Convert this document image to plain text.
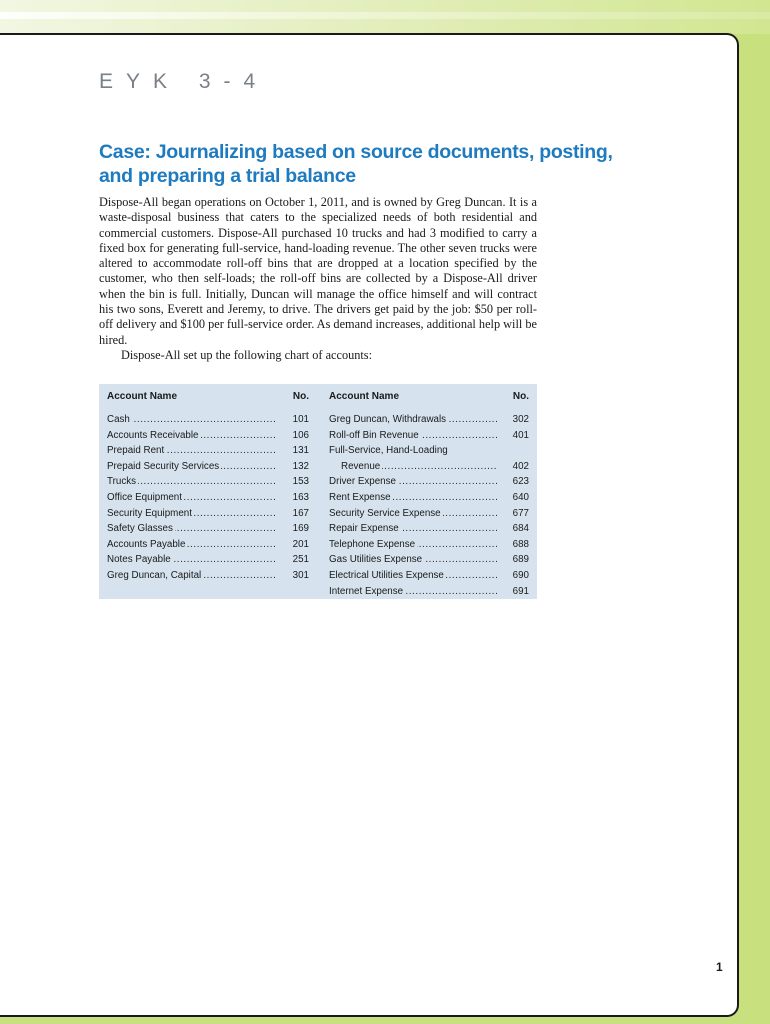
EYK 3-4
Case: Journalizing based on source documents, posting, and preparing a trial balance

Dispose-All began operations on October 1, 2011, and is owned by Greg Duncan. It is a waste-disposal business that caters to the specialized needs of both residential and commercial customers. Dispose-All purchased 10 trucks and had 3 modified to carry a fixed box for generating full-service, hand-loading revenue. The other seven trucks were altered to accommodate roll-off bins that are dropped at a location specified by the customer, who then self-loads; the roll-off bins are collected by a Dispose-All driver when the bin is full. Initially, Duncan will manage the office himself and will contract his two sons, Everett and Jeremy, to drive. The drivers get paid by the job: $50 per roll-off delivery and $100 per full-service order. As demand increases, additional help will be hired.

Dispose-All set up the following chart of accounts:

Account Name	No.
Cash .....	101
Accounts Receivable .....	106
Prepaid Rent .....	131
Prepaid Security Services .....	132
Trucks .....	153
Office Equipment .....	163
Security Equipment .....	167
Safety Glasses .....	169
Accounts Payable .....	201
Notes Payable .....	251
Greg Duncan, Capital .....	301
Account Name	No.
Greg Duncan, Withdrawals .....	302
Roll-off Bin Revenue .....	401
Full-Service, Hand-Loading
Revenue .....	402
Driver Expense .....	623
Rent Expense .....	640
Security Service Expense .....	677
Repair Expense .....	684
Telephone Expense .....	688
Gas Utilities Expense .....	689
Electrical Utilities Expense .....	690
Internet Expense .....	691
1
